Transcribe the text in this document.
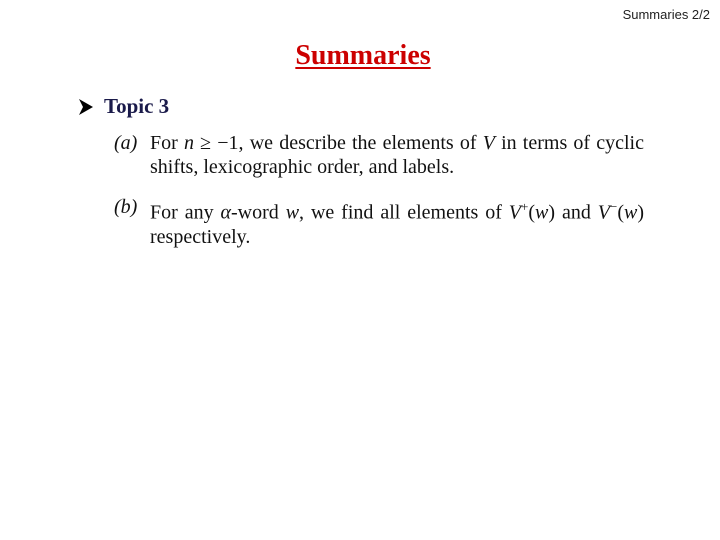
Summaries 2/2
Summaries
Topic 3
(a) For n ≥ −1, we describe the elements of V in terms of cyclic shifts, lexicographic order, and labels.
(b) For any α-word w, we find all elements of V+(w) and V−(w) respectively.
